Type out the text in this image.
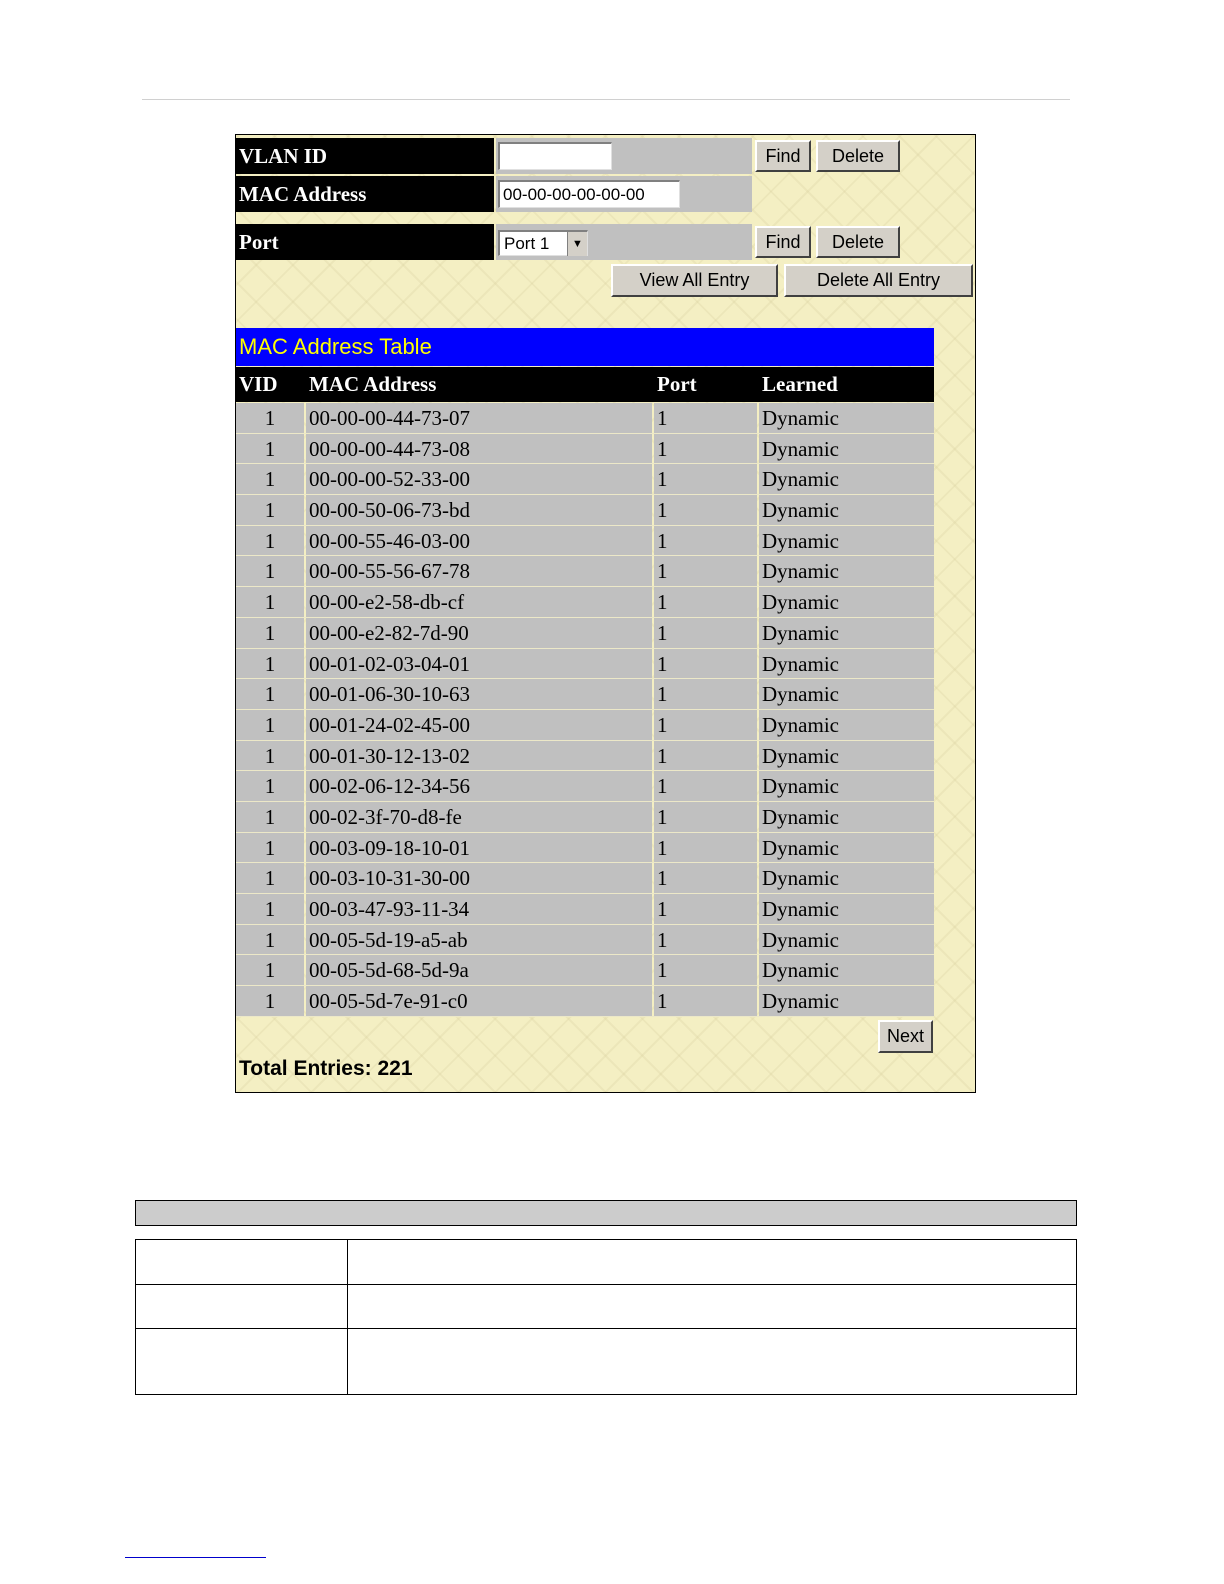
VLAN ID	Find	Delete
MAC Address	00-00-00-00-00-00
Port	Port 1	▼	Find	Delete
View All Entry	Delete All Entry
MAC Address Table
VID MAC Address	Port	Learned
1	00-00-00-44-73-07	1	Dynamic
1	00-00-00-44-73-08	1	Dynamic
1	00-00-00-52-33-00	1	Dynamic
1	00-00-50-06-73-bd	1	Dynamic
1	00-00-55-46-03-00	1	Dynamic
1	00-00-55-56-67-78	1	Dynamic
1	00-00-e2-58-db-cf	1	Dynamic
1	00-00-e2-82-7d-90	1	Dynamic
1	00-01-02-03-04-01	1	Dynamic
1	00-01-06-30-10-63	1	Dynamic
1	00-01-24-02-45-00	1	Dynamic
1	00-01-30-12-13-02	1	Dynamic
1	00-02-06-12-34-56	1	Dynamic
1	00-02-3f-70-d8-fe	1	Dynamic
1	00-03-09-18-10-01	1	Dynamic
1	00-03-10-31-30-00	1	Dynamic
1	00-03-47-93-11-34	1	Dynamic
1	00-05-5d-19-a5-ab	1	Dynamic
1	00-05-5d-68-5d-9a	1	Dynamic
1	00-05-5d-7e-91-c0	1	Dynamic
Next
Total Entries: 221
